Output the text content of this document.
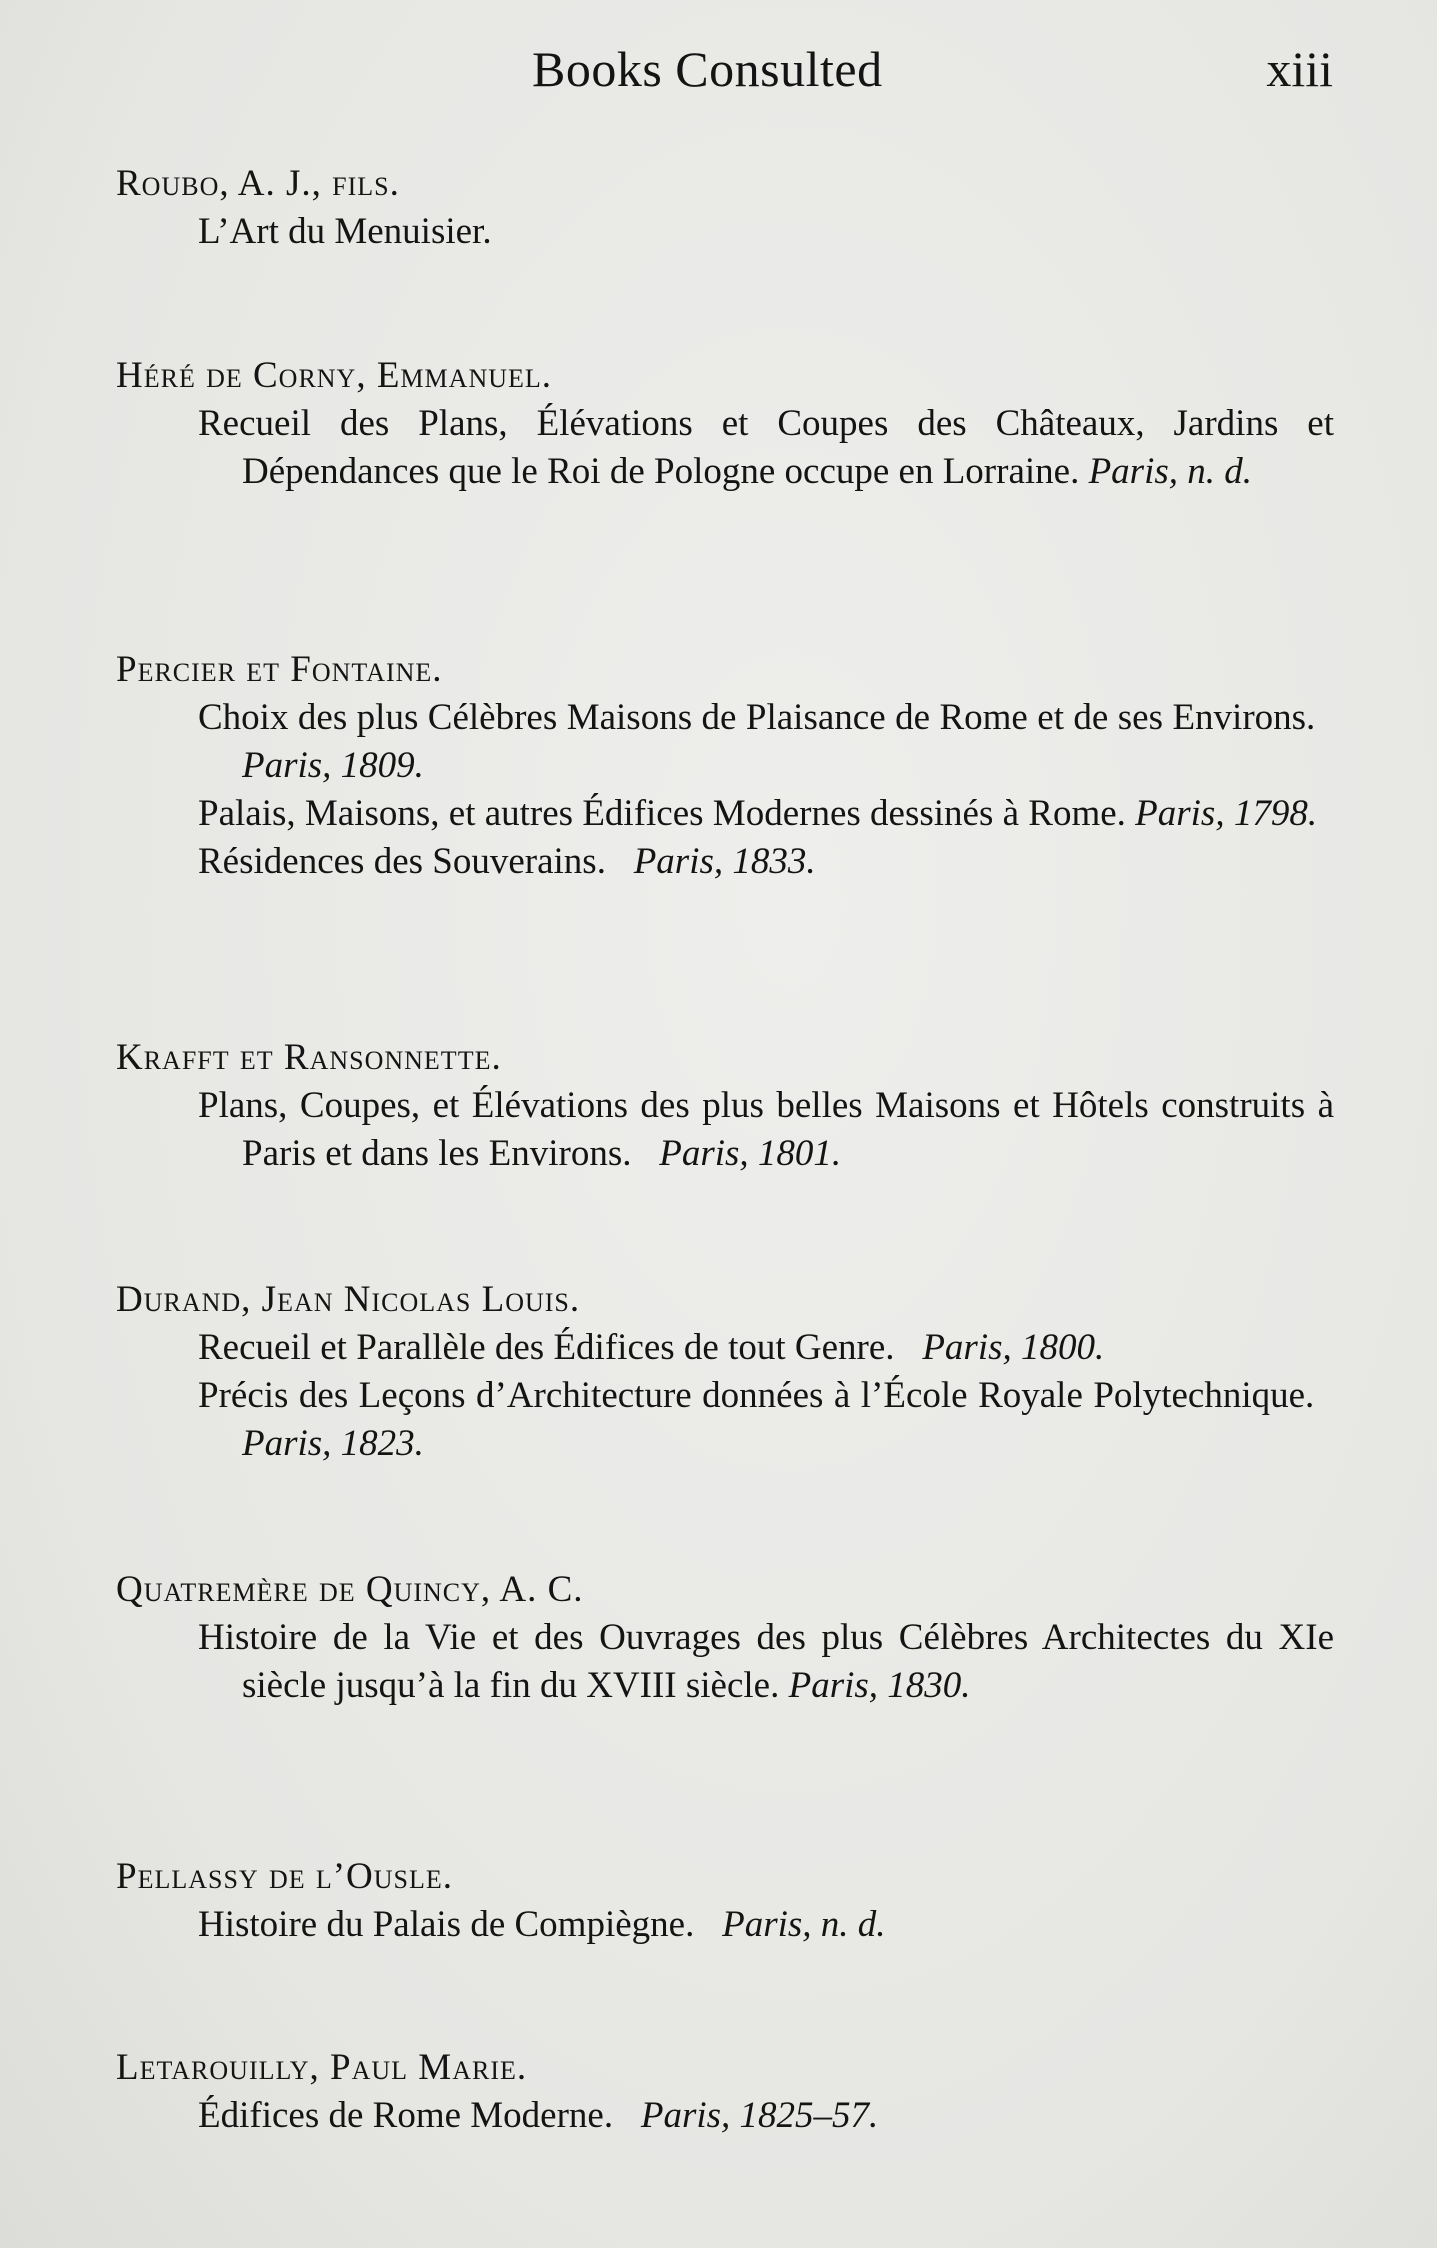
Books Consulted	xiii
Roubo, A. J., fils.
L’Art du Menuisier.
Héré de Corny, Emmanuel.
Recueil des Plans, Élévations et Coupes des Châteaux, Jardins et Dépendances que le Roi de Pologne occupe en Lorraine. Paris, n. d.
Percier et Fontaine.
Choix des plus Célèbres Maisons de Plaisance de Rome et de ses Environs.   Paris, 1809.
Palais, Maisons, et autres Édifices Modernes dessinés à Rome. Paris, 1798.
Résidences des Souverains. Paris, 1833.
Krafft et Ransonnette.
Plans, Coupes, et Élévations des plus belles Maisons et Hôtels construits à Paris et dans les Environs. Paris, 1801.
Durand, Jean Nicolas Louis.
Recueil et Parallèle des Édifices de tout Genre. Paris, 1800.
Précis des Leçons d’Architecture données à l’École Royale Polytechnique.   Paris, 1823.
Quatremère de Quincy, A. C.
Histoire de la Vie et des Ouvrages des plus Célèbres Architectes du XIe siècle jusqu’à la fin du XVIII siècle. Paris, 1830.
Pellassy de l’Ousle.
Histoire du Palais de Compiègne. Paris, n. d.
Letarouilly, Paul Marie.
Édifices de Rome Moderne. Paris, 1825–57.
